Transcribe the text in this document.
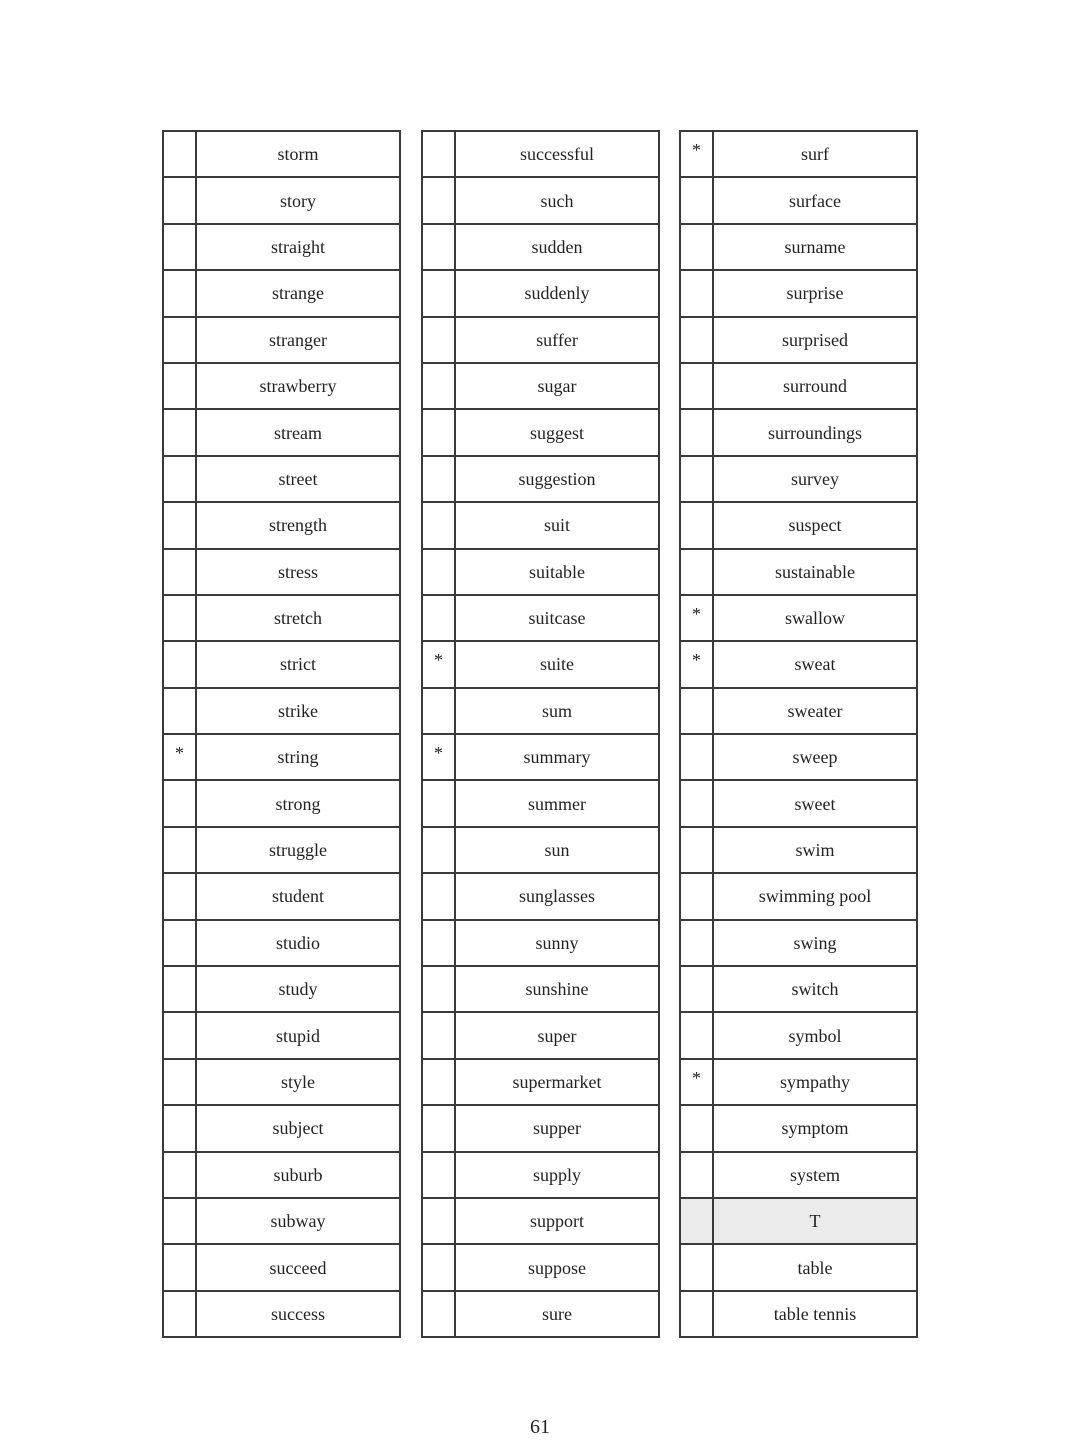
	storm
	story
	straight
	strange
	stranger
	strawberry
	stream
	street
	strength
	stress
	stretch
	strict
	strike
*	string
	strong
	struggle
	student
	studio
	study
	stupid
	style
	subject
	suburb
	subway
	succeed
	success
	successful
	such
	sudden
	suddenly
	suffer
	sugar
	suggest
	suggestion
	suit
	suitable
	suitcase
*	suite
	sum
*	summary
	summer
	sun
	sunglasses
	sunny
	sunshine
	super
	supermarket
	supper
	supply
	support
	suppose
	sure
*	surf
	surface
	surname
	surprise
	surprised
	surround
	surroundings
	survey
	suspect
	sustainable
*	swallow
*	sweat
	sweater
	sweep
	sweet
	swim
	swimming pool
	swing
	switch
	symbol
*	sympathy
	symptom
	system
	T
	table
	table tennis
61
